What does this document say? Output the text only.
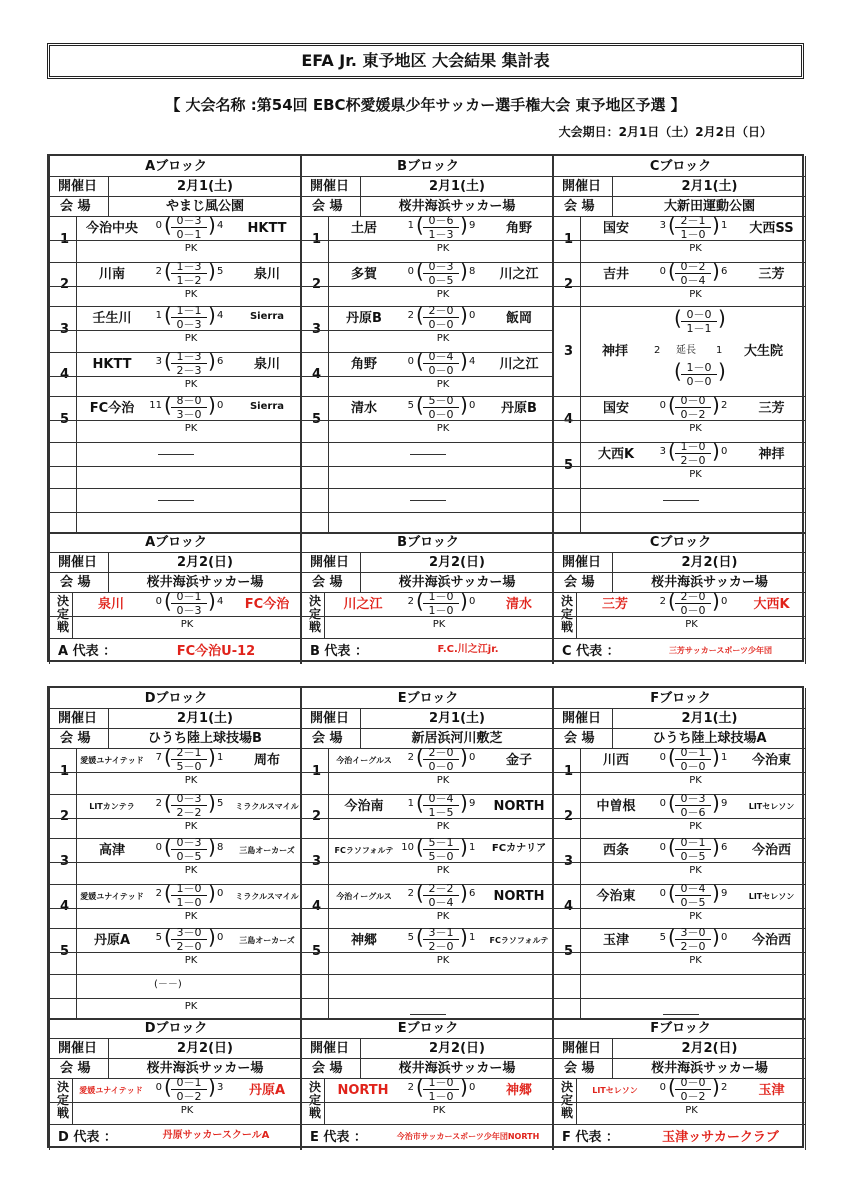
EFA Jr. 東予地区 大会結果 集計表
【 大会名称 :第54回 EBC杯愛媛県少年サッカー選手権大会 東予地区予選 】
大会期日：2月1日（土）2月2日（日）
Aブロック
開催日	2月1(土)
会 場	やまじ風公園
1
今治中央	0 ( 0－3
0－1 ) 4	HKTT
PK
2
川南	2 ( 1－3
1－2 ) 5	泉川
PK
3
壬生川	1 ( 1－1
0－3 ) 4	Sierra
PK
4
HKTT	3 ( 1－3
2－3 ) 6	泉川
PK
5
FC今治	11 ( 8－0
3－0 ) 0	Sierra
PK
Aブロック
開催日	2月2(日)
会 場	桜井海浜サッカー場
決
定
戦
泉川	0 ( 0－1
0－3 ) 4	FC今治
PK
A 代表 ：	FC今治U-12
Bブロック
開催日	2月1(土)
会 場	桜井海浜サッカー場
1
土居	1 ( 0－6
1－3 ) 9	角野
PK
2
多賀	0 ( 0－3
0－5 ) 8	川之江
PK
3
丹原B	2 ( 2－0
0－0 ) 0	飯岡
PK
4
角野	0 ( 0－4
0－0 ) 4	川之江
PK
5
清水	5 ( 5－0
0－0 ) 0	丹原B
PK
Bブロック
開催日	2月2(日)
会 場	桜井海浜サッカー場
決
定
戦
川之江	2 ( 1－0
1－0 ) 0	清水
PK
B 代表 ：	F.C.川之江jr.
Cブロック
開催日	2月1(土)
会 場	大新田運動公園
1
国安	3 ( 2－1
1－0 ) 1	大西SS
PK
2
吉井	0 ( 0－2
0－4 ) 6	三芳
PK
3
( 0－0
1－1 )
神拝	2 延長 1 大生院
( 1－0
0－0 )
4
国安	0 ( 0－0
0－2 ) 2	三芳
PK
5
大西K	3 ( 1－0
2－0 ) 0	神拝
PK
Cブロック
開催日	2月2(日)
会 場	桜井海浜サッカー場
決
定
戦
三芳	2 ( 2－0
0－0 ) 0	大西K
PK
C 代表 ：	三芳サッカースポーツ少年団
Dブロック
開催日	2月1(土)
会 場	ひうち陸上球技場B
1
愛媛ユナイテッド	7 ( 2－1
5－0 ) 1	周布
PK
2
LITカンテラ	2 ( 0－3
2－2 ) 5 ミラクルスマイル
PK
3
高津	0 ( 0－3
0－5 ) 8	三島オーカーズ
PK
4
愛媛ユナイテッド	2 ( 1－0
1－0 ) 0 ミラクルスマイル
PK
5
丹原A	5 ( 3－0
2－0 ) 0	三島オーカーズ
PK
(－－)
PK
Dブロック
開催日	2月2(日)
会 場	桜井海浜サッカー場
決
定
戦
愛媛ユナイテッド	0 ( 0－1
0－2 ) 3	丹原A
PK
D 代表 ：	丹原サッカースクールA
Eブロック
開催日	2月1(土)
会 場	新居浜河川敷芝
1
今治イーグルス	2 ( 2－0
0－0 ) 0	金子
PK
2
今治南	1 ( 0－4
1－5 ) 9	NORTH
PK
3
FCラソフォルテ 10 ( 5－1
5－0 ) 1	FCカナリア
PK
4
今治イーグルス	2 ( 2－2
0－4 ) 6	NORTH
PK
5
神郷	5 ( 3－1
2－0 ) 1	FCラソフォルテ
PK
Eブロック
開催日	2月2(日)
会 場	桜井海浜サッカー場
決
定
戦
NORTH	2 ( 1－0
1－0 ) 0	神郷
PK
E 代表 ：	今治市サッカースポーツ少年団NORTH
Fブロック
開催日	2月1(土)
会 場	ひうち陸上球技場A
1
川西	0 ( 0－1
0－0 ) 1	今治東
PK
2
中曽根	0 ( 0－3
0－6 ) 9	LITセレソン
PK
3
西条	0 ( 0－1
0－5 ) 6	今治西
PK
4
今治東	0 ( 0－4
0－5 ) 9	LITセレソン
PK
5
玉津	5 ( 3－0
2－0 ) 0	今治西
PK
Fブロック
開催日	2月2(日)
会 場	桜井海浜サッカー場
決
定
戦
LITセレソン	0 ( 0－0
0－2 ) 2	玉津
PK
F 代表 ：	玉津ッサカークラブ
